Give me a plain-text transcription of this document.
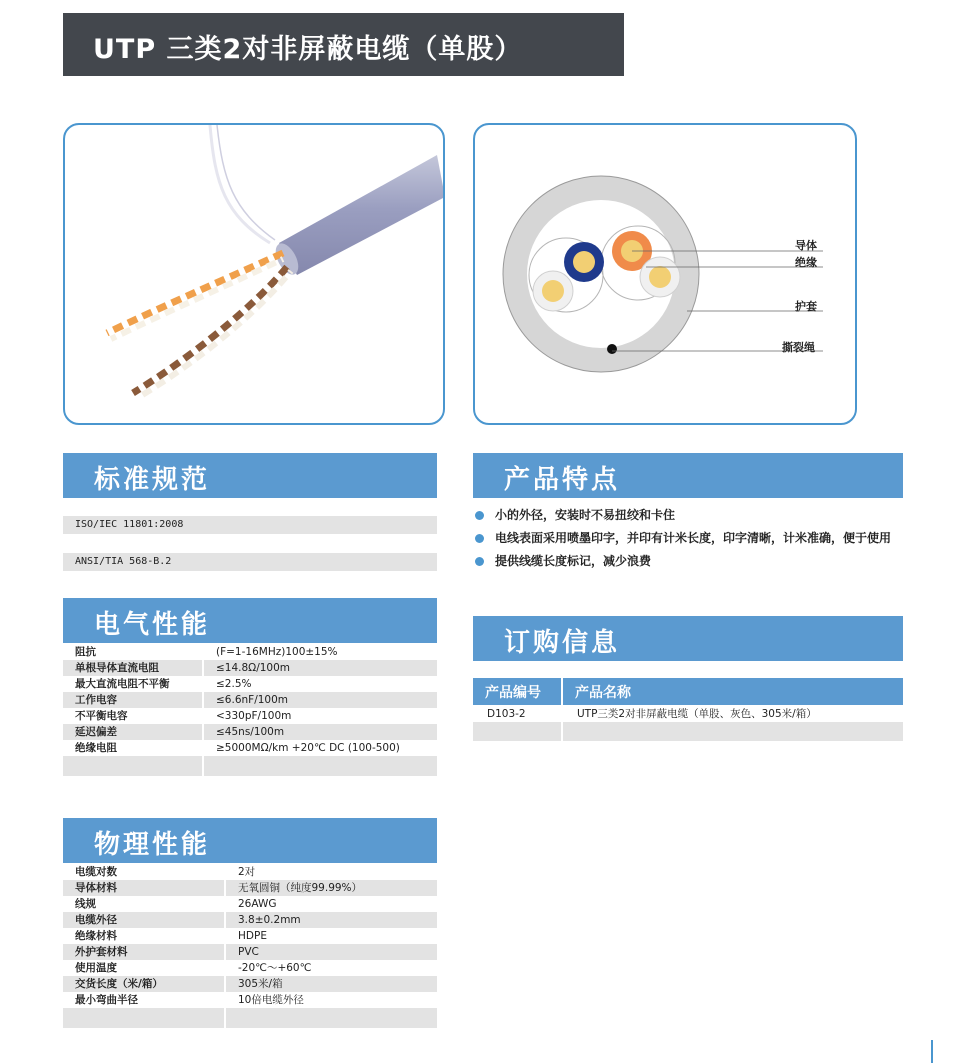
UTP 三类2对非屏蔽电缆（单股）
导体
绝缘
护套
撕裂绳
标准规范
ISO/IEC 11801:2008
ANSI/TIA 568-B.2
电气性能
阻抗	(F=1-16MHz)100±15%
单根导体直流电阻	≤14.8Ω/100m
最大直流电阻不平衡	≤2.5%
工作电容	≤6.6nF/100m
不平衡电容	<330pF/100m
延迟偏差	≤45ns/100m
绝缘电阻	≥5000MΩ/km +20℃ DC (100-500)

物理性能
电缆对数	2对
导体材料	无氧圆铜（纯度99.99%）
线规	26AWG
电缆外径	3.8±0.2mm
绝缘材料	HDPE
外护套材料	PVC
使用温度	-20℃～+60℃
交货长度（米/箱）	305米/箱
最小弯曲半径	10倍电缆外径

产品特点
小的外径，安装时不易扭绞和卡住
电线表面采用喷墨印字，并印有计米长度，印字清晰，计米准确，便于使用
提供线缆长度标记，减少浪费
订购信息
产品编号	产品名称
D103-2	UTP三类2对非屏蔽电缆（单股、灰色、305米/箱）
